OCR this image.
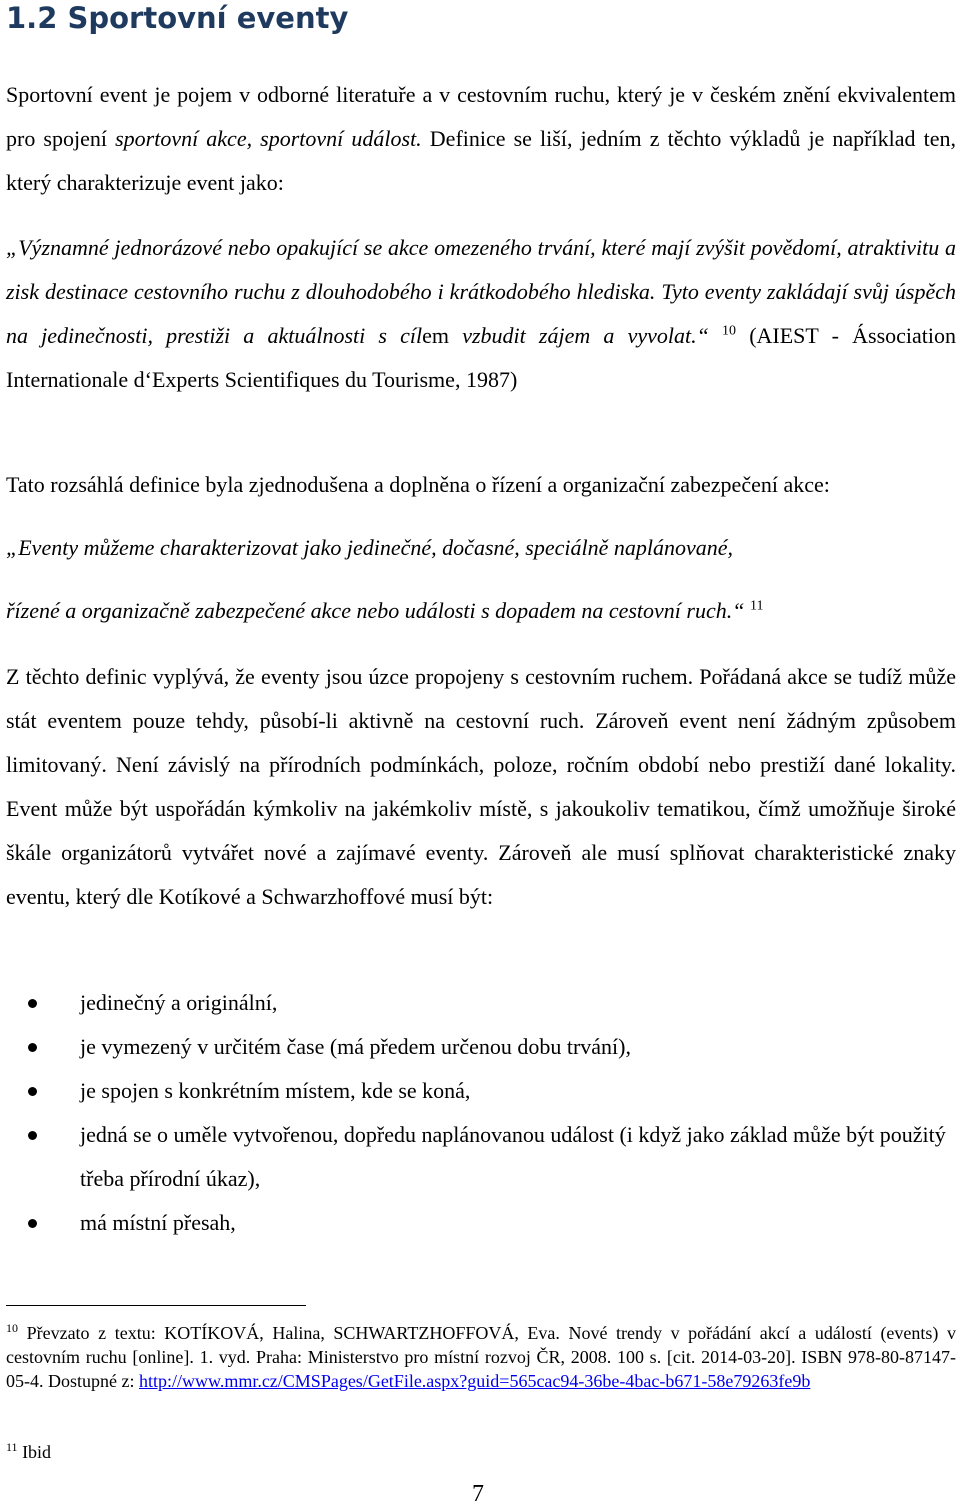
1.2 Sportovní eventy

Sportovní event je pojem v odborné literatuře a v cestovním ruchu, který je v českém znění ekvivalentem pro spojení sportovní akce, sportovní událost. Definice se liší, jedním z těchto výkladů je například ten, který charakterizuje event jako:

„Významné jednorázové nebo opakující se akce omezeného trvání, které mají zvýšit povědomí, atraktivitu a zisk destinace cestovního ruchu z dlouhodobého i krátkodobého hlediska. Tyto eventy zakládají svůj úspěch na jedinečnosti, prestiži a aktuálnosti s cílem vzbudit zájem a vyvolat.“ $^{10}$ (AIEST - Ássociation Internationale d‘Experts Scientifiques du Tourisme, 1987)

Tato rozsáhlá definice byla zjednodušena a doplněna o řízení a organizační zabezpečení akce:

„Eventy můžeme charakterizovat jako jedinečné, dočasné, speciálně naplánované,

řízené a organizačně zabezpečené akce nebo události s dopadem na cestovní ruch.“ $^{11}$

Z těchto definic vyplývá, že eventy jsou úzce propojeny s cestovním ruchem. Pořádaná akce se tudíž může stát eventem pouze tehdy, působí-li aktivně na cestovní ruch. Zároveň event není žádným způsobem limitovaný. Není závislý na přírodních podmínkách, poloze, ročním období nebo prestiží dané lokality. Event může být uspořádán kýmkoliv na jakémkoliv místě, s jakoukoliv tematikou, čímž umožňuje široké škále organizátorů vytvářet nové a zajímavé eventy. Zároveň ale musí splňovat charakteristické znaky eventu, který dle Kotíkové a Schwarzhoffové musí být:

jedinečný a originální,
je vymezený v určitém čase (má předem určenou dobu trvání),
je spojen s konkrétním místem, kde se koná,
jedná se o uměle vytvořenou, dopředu naplánovanou událost (i když jako základ může být použitý třeba přírodní úkaz),
má místní přesah,

$^{10}$ Převzato z textu: KOTÍKOVÁ, Halina, SCHWARTZHOFFOVÁ, Eva. Nové trendy v pořádání akcí a událostí (events) v cestovním ruchu [online]. 1. vyd. Praha: Ministerstvo pro místní rozvoj ČR, 2008. 100 s. [cit. 2014-03-20]. ISBN 978-80-87147-05-4. Dostupné z: http://www.mmr.cz/CMSPages/GetFile.aspx?guid=565cac94-36be-4bac-b671-58e79263fe9b

$^{11}$ Ibid

7
